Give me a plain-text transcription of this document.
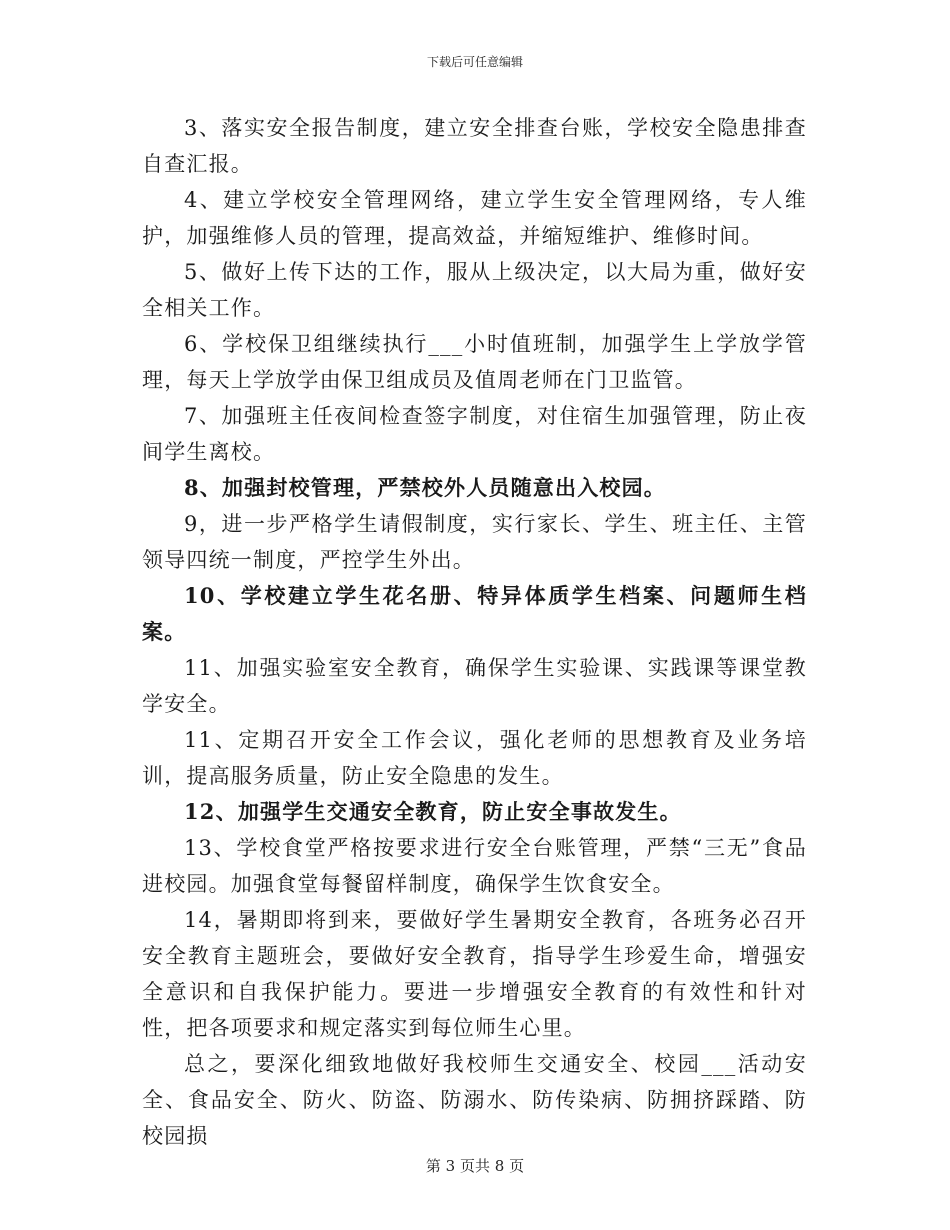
下载后可任意编辑

3、落实安全报告制度，建立安全排查台账，学校安全隐患排查自查汇报。

4、建立学校安全管理网络，建立学生安全管理网络，专人维护，加强维修人员的管理，提高效益，并缩短维护、维修时间。

5、做好上传下达的工作，服从上级决定，以大局为重，做好安全相关工作。

6、学校保卫组继续执行___小时值班制，加强学生上学放学管理，每天上学放学由保卫组成员及值周老师在门卫监管。

7、加强班主任夜间检查签字制度，对住宿生加强管理，防止夜间学生离校。

8、加强封校管理，严禁校外人员随意出入校园。

9，进一步严格学生请假制度，实行家长、学生、班主任、主管领导四统一制度，严控学生外出。

10、学校建立学生花名册、特异体质学生档案、问题师生档案。

11、加强实验室安全教育，确保学生实验课、实践课等课堂教学安全。

11、定期召开安全工作会议，强化老师的思想教育及业务培训，提高服务质量，防止安全隐患的发生。

12、加强学生交通安全教育，防止安全事故发生。

13、学校食堂严格按要求进行安全台账管理，严禁“三无”食品进校园。加强食堂每餐留样制度，确保学生饮食安全。

14，暑期即将到来，要做好学生暑期安全教育，各班务必召开安全教育主题班会，要做好安全教育，指导学生珍爱生命，增强安全意识和自我保护能力。要进一步增强安全教育的有效性和针对性，把各项要求和规定落实到每位师生心里。

总之，要深化细致地做好我校师生交通安全、校园___活动安全、食品安全、防火、防盗、防溺水、防传染病、防拥挤踩踏、防校园损

第 3 页共 8 页
